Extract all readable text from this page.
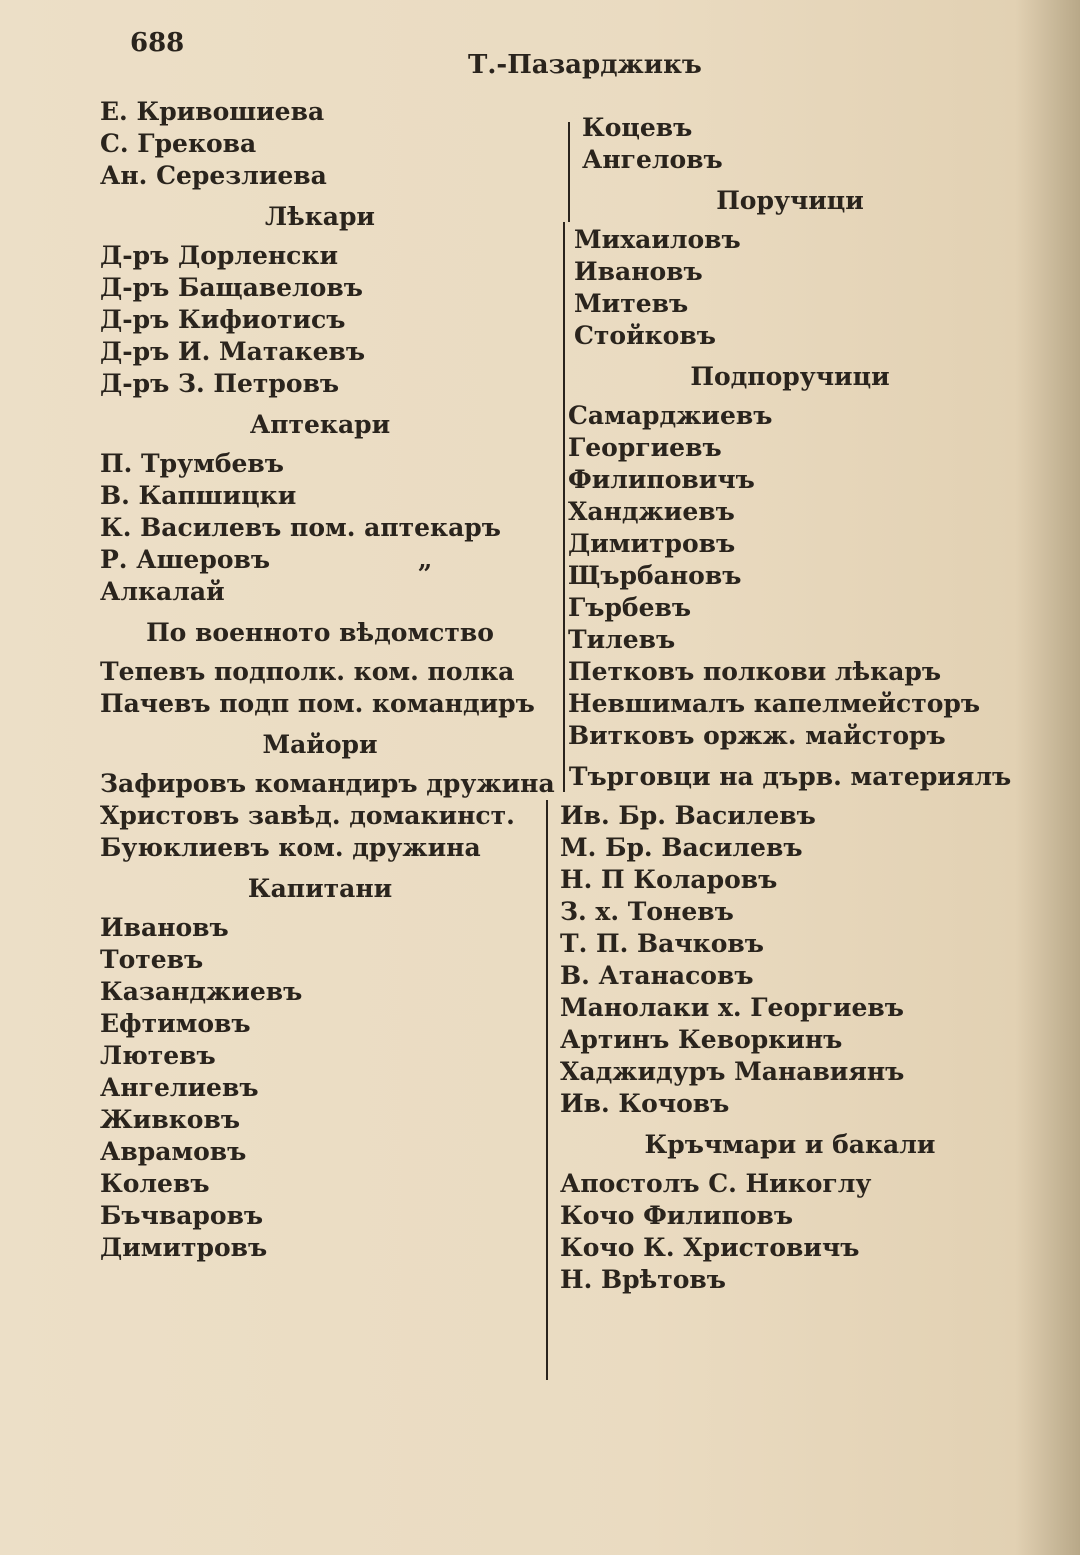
688
Т.-Пазарджикъ
Е. Кривошиева
С. Грекова
Ан. Серезлиева
Лѣкари
Д-ръ Дорленски
Д-ръ Бащавеловъ
Д-ръ Кифиотисъ
Д-ръ И. Матакевъ
Д-ръ З. Петровъ
Аптекари
П. Трумбевъ
В. Капшицки
К. Василевъ пом. аптекаръ
Р. Ашеровъ                 „
Алкалай
По военното вѣдомство
Тепевъ подполк. ком. полка
Пачевъ подп пом. командиръ
Майори
Зафировъ командиръ дружина
Христовъ завѣд. домакинст.
Буюклиевъ ком. дружина
Капитани
Ивановъ
Тотевъ
Казанджиевъ
Ефтимовъ
Лютевъ
Ангелиевъ
Живковъ
Аврамовъ
Колевъ
Бъчваровъ
Димитровъ
Коцевъ
Ангеловъ
Поручици
Михаиловъ
Ивановъ
Митевъ
Стойковъ
Подпоручици
Самарджиевъ
Георгиевъ
Филиповичъ
Ханджиевъ
Димитровъ
Щърбановъ
Гърбевъ
Тилевъ
Петковъ полкови лѣкаръ
Невшималъ капелмейсторъ
Витковъ оржж. майсторъ
Търговци на дърв. материялъ
Ив. Бр. Василевъ
М. Бр. Василевъ
Н. П Коларовъ
З. х. Тоневъ
Т. П. Вачковъ
В. Атанасовъ
Манолаки х. Георгиевъ
Артинъ Кеворкинъ
Хаджидуръ Манавиянъ
Ив. Кочовъ
Кръчмари и бакали
Апостолъ С. Никоглу
Кочо Филиповъ
Кочо К. Христовичъ
Н. Врѣтовъ
